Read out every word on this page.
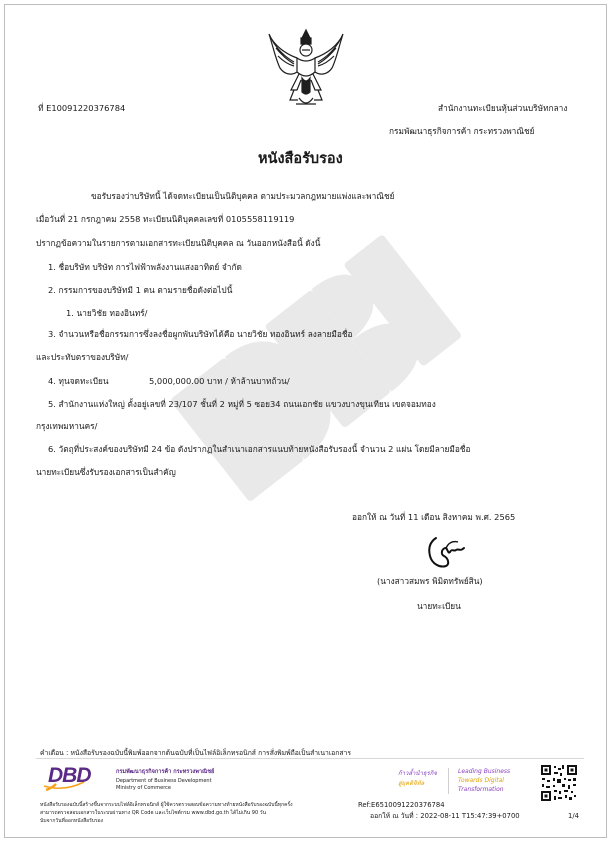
ที่ E10091220376784	สำนักงานทะเบียนหุ้นส่วนบริษัทกลาง
กรมพัฒนาธุรกิจการค้า กระทรวงพาณิชย์
หนังสือรับรอง
ขอรับรองว่าบริษัทนี้ ได้จดทะเบียนเป็นนิติบุคคล ตามประมวลกฎหมายแพ่งและพาณิชย์
เมื่อวันที่ 21 กรกฎาคม 2558 ทะเบียนนิติบุคคลเลขที่ 0105558119119
ปรากฏข้อความในรายการตามเอกสารทะเบียนนิติบุคคล ณ วันออกหนังสือนี้ ดังนี้
1. ชื่อบริษัท บริษัท การไฟฟ้าพลังงานแสงอาทิตย์ จำกัด
2. กรรมการของบริษัทมี 1 คน ตามรายชื่อดังต่อไปนี้
1. นายวิชัย ทองอินทร์/
3. จำนวนหรือชื่อกรรมการซึ่งลงชื่อผูกพันบริษัทได้คือ นายวิชัย ทองอินทร์ ลงลายมือชื่อ
และประทับตราของบริษัท/
4. ทุนจดทะเบียน	5,000,000.00 บาท / ห้าล้านบาทถ้วน/
5. สำนักงานแห่งใหญ่ ตั้งอยู่เลขที่ 23/107 ชั้นที่ 2 หมู่ที่ 5 ซอย34 ถนนเอกชัย แขวงบางขุนเทียน เขตจอมทอง
กรุงเทพมหานคร/
6. วัตถุที่ประสงค์ของบริษัทมี 24 ข้อ ดังปรากฏในสำเนาเอกสารแนบท้ายหนังสือรับรองนี้ จำนวน 2 แผ่น โดยมีลายมือชื่อ
นายทะเบียนซึ่งรับรองเอกสารเป็นสำคัญ
ออกให้ ณ วันที่ 11 เดือน สิงหาคม พ.ศ. 2565
(นางสาวสมพร พิมิตทรัพย์สิน)
นายทะเบียน
คำเตือน : หนังสือรับรองฉบับนี้พิมพ์ออกจากต้นฉบับที่เป็นไฟล์อิเล็กทรอนิกส์ การสั่งพิมพ์ถือเป็นสำเนาเอกสาร
DBD	กรมพัฒนาธุรกิจการค้า กระทรวงพาณิชย์
Department of Business Development
Ministry of Commerce
ก้าวล้ำนำธุรกิจ
สู่ยุคดิจิทัล
Leading Business
Towards Digital
Transformation
หนังสือรับรองฉบับนี้สร้างขึ้นจากระบบไฟล์อิเล็กทรอนิกส์ ผู้ใช้ควรตรวจสอบข้อความทางท้ายหนังสือรับรองฉบับนี้ทุกครั้ง
สามารถตรวจสอบเอกสารในระบบผ่านทาง QR Code และเว็บไซต์กรม www.dbd.go.th ได้ไม่เกิน 90 วัน
นับจากวันที่ออกหนังสือรับรอง
Ref:E6510091220376784
ออกให้ ณ วันที่ : 2022-08-11 T15:47:39+0700	1/4
